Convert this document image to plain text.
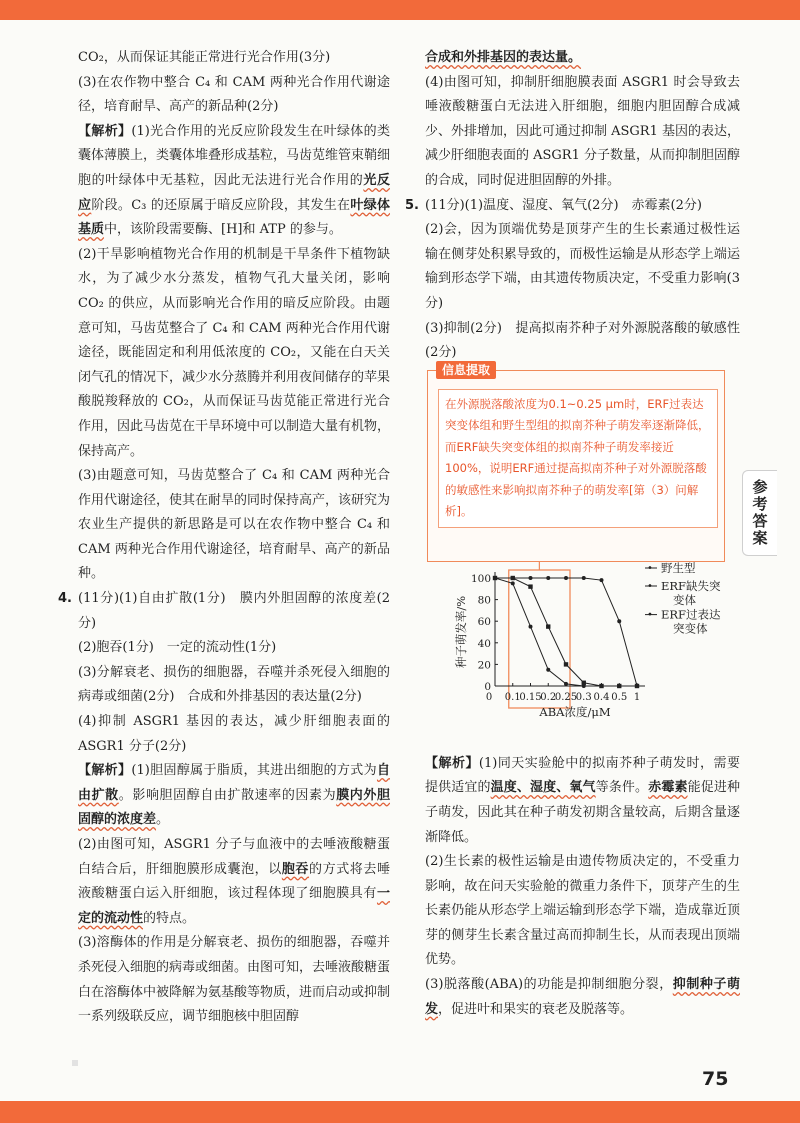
参考答案

CO₂，从而保证其能正常进行光合作用(3分)

(3)在农作物中整合 C₄ 和 CAM 两种光合作用代谢途径，培育耐旱、高产的新品种(2分)

【解析】(1)光合作用的光反应阶段发生在叶绿体的类囊体薄膜上，类囊体堆叠形成基粒，马齿苋维管束鞘细胞的叶绿体中无基粒，因此无法进行光合作用的光反应阶段。C₃ 的还原属于暗反应阶段，其发生在叶绿体基质中，该阶段需要酶、[H]和 ATP 的参与。

(2)干旱影响植物光合作用的机制是干旱条件下植物缺水，为了减少水分蒸发，植物气孔大量关闭，影响 CO₂ 的供应，从而影响光合作用的暗反应阶段。由题意可知，马齿苋整合了 C₄ 和 CAM 两种光合作用代谢途径，既能固定和利用低浓度的 CO₂，又能在白天关闭气孔的情况下，减少水分蒸腾并利用夜间储存的苹果酸脱羧释放的 CO₂，从而保证马齿苋能正常进行光合作用，因此马齿苋在干旱环境中可以制造大量有机物，保持高产。

(3)由题意可知，马齿苋整合了 C₄ 和 CAM 两种光合作用代谢途径，使其在耐旱的同时保持高产，该研究为农业生产提供的新思路是可以在农作物中整合 C₄ 和 CAM 两种光合作用代谢途径，培育耐旱、高产的新品种。

4. (11分)(1)自由扩散(1分)　膜内外胆固醇的浓度差(2分)

(2)胞吞(1分)　一定的流动性(1分)

(3)分解衰老、损伤的细胞器，吞噬并杀死侵入细胞的病毒或细菌(2分)　合成和外排基因的表达量(2分)

(4)抑制 ASGR1 基因的表达，减少肝细胞表面的 ASGR1 分子(2分)

【解析】(1)胆固醇属于脂质，其进出细胞的方式为自由扩散。影响胆固醇自由扩散速率的因素为膜内外胆固醇的浓度差。

(2)由图可知，ASGR1 分子与血液中的去唾液酸糖蛋白结合后，肝细胞膜形成囊泡，以胞吞的方式将去唾液酸糖蛋白运入肝细胞，该过程体现了细胞膜具有一定的流动性的特点。

(3)溶酶体的作用是分解衰老、损伤的细胞器，吞噬并杀死侵入细胞的病毒或细菌。由图可知，去唾液酸糖蛋白在溶酶体中被降解为氨基酸等物质，进而启动或抑制一系列级联反应，调节细胞核中胆固醇

合成和外排基因的表达量。

(4)由图可知，抑制肝细胞膜表面 ASGR1 时会导致去唾液酸糖蛋白无法进入肝细胞，细胞内胆固醇合成减少、外排增加，因此可通过抑制 ASGR1 基因的表达，减少肝细胞表面的 ASGR1 分子数量，从而抑制胆固醇的合成，同时促进胆固醇的外排。

5. (11分)(1)温度、湿度、氧气(2分)　赤霉素(2分)

(2)会，因为顶端优势是顶芽产生的生长素通过极性运输在侧芽处积累导致的，而极性运输是从形态学上端运输到形态学下端，由其遗传物质决定，不受重力影响(3分)

(3)抑制(2分)　提高拟南芥种子对外源脱落酸的敏感性(2分)

信息提取
在外源脱落酸浓度为0.1~0.25 μm时，ERF过表达突变体组和野生型组的拟南芥种子萌发率逐渐降低，而ERF缺失突变体组的拟南芥种子萌发率接近100%，说明ERF通过提高拟南芥种子对外源脱落酸的敏感性来影响拟南芥种子的萌发率[第（3）问解析]。
0
20
40
60
80
100
0 0.1
0.15
0.2
0.25
0.3 0.4 0.5 1
ABA浓度/μM
种子萌发率/%
• 野生型
• ERF缺失突
变体
• ERF过表达
突变体

【解析】(1)同天实验舱中的拟南芥种子萌发时，需要提供适宜的温度、湿度、氧气等条件。赤霉素能促进种子萌发，因此其在种子萌发初期含量较高，后期含量逐渐降低。

(2)生长素的极性运输是由遗传物质决定的，不受重力影响，故在问天实验舱的微重力条件下，顶芽产生的生长素仍能从形态学上端运输到形态学下端，造成靠近顶芽的侧芽生长素含量过高而抑制生长，从而表现出顶端优势。

(3)脱落酸(ABA)的功能是抑制细胞分裂，抑制种子萌发，促进叶和果实的衰老及脱落等。

75
